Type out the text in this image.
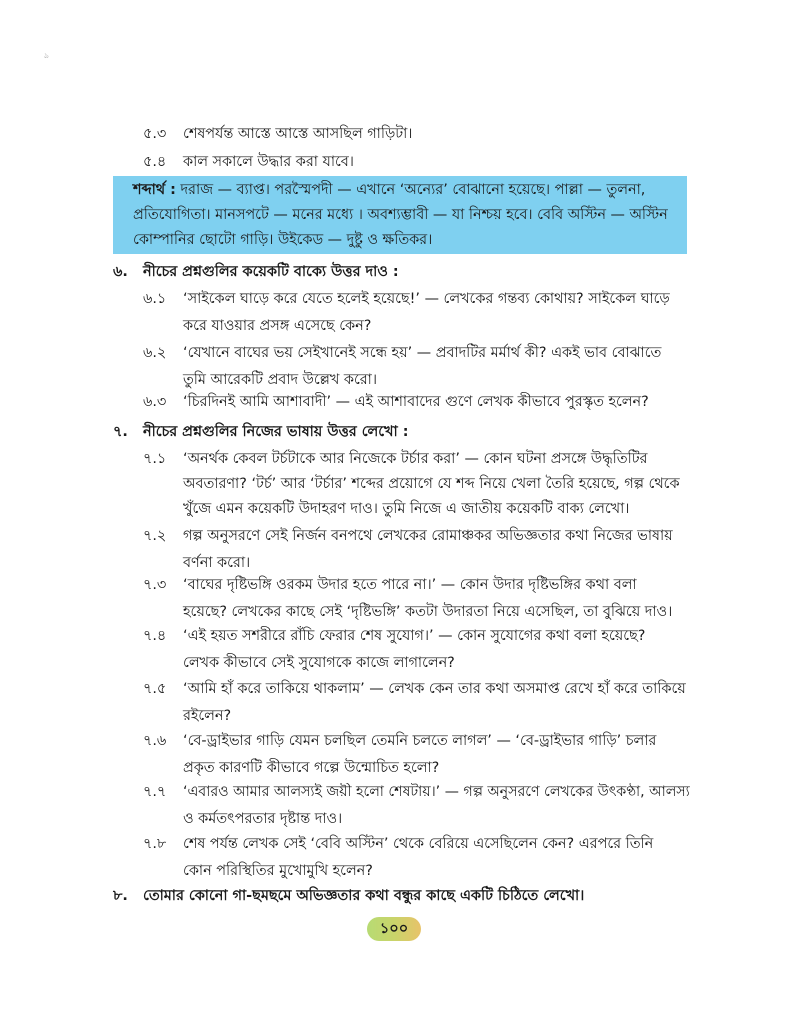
ঌ
৫.৩ শেষপর্যন্ত আস্তে আস্তে আসছিল গাড়িটা।
৫.৪ কাল সকালে উদ্ধার করা যাবে।
শব্দার্থ : দরাজ — ব্যাপ্ত। পরস্মৈপদী — এখানে ‘অন্যের’ বোঝানো হয়েছে। পাল্লা — তুলনা,
প্রতিযোগিতা। মানসপটে — মনের মধ্যে । অবশ্যম্ভাবী — যা নিশ্চয় হবে। বেবি অস্টিন — অস্টিন
কোম্পানির ছোটো গাড়ি। উইকেড — দুষ্টু ও ক্ষতিকর।
৬. নীচের প্রশ্নগুলির কয়েকটি বাক্যে উত্তর দাও :
৬.১ ‘সাইকেল ঘাড়ে করে যেতে হলেই হয়েছে!’ — লেখকের গন্তব্য কোথায়? সাইকেল ঘাড়ে
করে যাওয়ার প্রসঙ্গ এসেছে কেন?
৬.২ ‘যেখানে বাঘের ভয় সেইখানেই সন্ধে হয়’ — প্রবাদটির মর্মার্থ কী? একই ভাব বোঝাতে
তুমি আরেকটি প্রবাদ উল্লেখ করো।
৬.৩ ‘চিরদিনই আমি আশাবাদী’ — এই আশাবাদের গুণে লেখক কীভাবে পুরস্কৃত হলেন?
৭. নীচের প্রশ্নগুলির নিজের ভাষায় উত্তর লেখো :
৭.১ ‘অনর্থক কেবল টর্চটাকে আর নিজেকে টর্চার করা’ — কোন ঘটনা প্রসঙ্গে উদ্ধৃতিটির
অবতারণা? ‘টর্চ’ আর ‘টর্চার’ শব্দের প্রয়োগে যে শব্দ নিয়ে খেলা তৈরি হয়েছে, গল্প থেকে
খুঁজে এমন কয়েকটি উদাহরণ দাও। তুমি নিজে এ জাতীয় কয়েকটি বাক্য লেখো।
৭.২ গল্প অনুসরণে সেই নির্জন বনপথে লেখকের রোমাঞ্চকর অভিজ্ঞতার কথা নিজের ভাষায়
বর্ণনা করো।
৭.৩ ‘বাঘের দৃষ্টিভঙ্গি ওরকম উদার হতে পারে না।’ — কোন উদার দৃষ্টিভঙ্গির কথা বলা
হয়েছে? লেখকের কাছে সেই ‘দৃষ্টিভঙ্গি’ কতটা উদারতা নিয়ে এসেছিল, তা বুঝিয়ে দাও।
৭.৪ ‘এই হয়ত সশরীরে রাঁচি ফেরার শেষ সুযোগ।’ — কোন সুযোগের কথা বলা হয়েছে?
লেখক কীভাবে সেই সুযোগকে কাজে লাগালেন?
৭.৫ ‘আমি হাঁ করে তাকিয়ে থাকলাম’ — লেখক কেন তার কথা অসমাপ্ত রেখে হাঁ করে তাকিয়ে
রইলেন?
৭.৬ ‘বে-ড্রাইভার গাড়ি যেমন চলছিল তেমনি চলতে লাগল’ — ‘বে-ড্রাইভার গাড়ি’ চলার
প্রকৃত কারণটি কীভাবে গল্পে উন্মোচিত হলো?
৭.৭ ‘এবারও আমার আলস্যই জয়ী হলো শেষটায়।’ — গল্প অনুসরণে লেখকের উৎকণ্ঠা, আলস্য
ও কর্মতৎপরতার দৃষ্টান্ত দাও।
৭.৮ শেষ পর্যন্ত লেখক সেই ‘বেবি অস্টিন’ থেকে বেরিয়ে এসেছিলেন কেন? এরপরে তিনি
কোন পরিস্থিতির মুখোমুখি হলেন?
৮. তোমার কোনো গা-ছমছমে অভিজ্ঞতার কথা বন্ধুর কাছে একটি চিঠিতে লেখো।
১০০
